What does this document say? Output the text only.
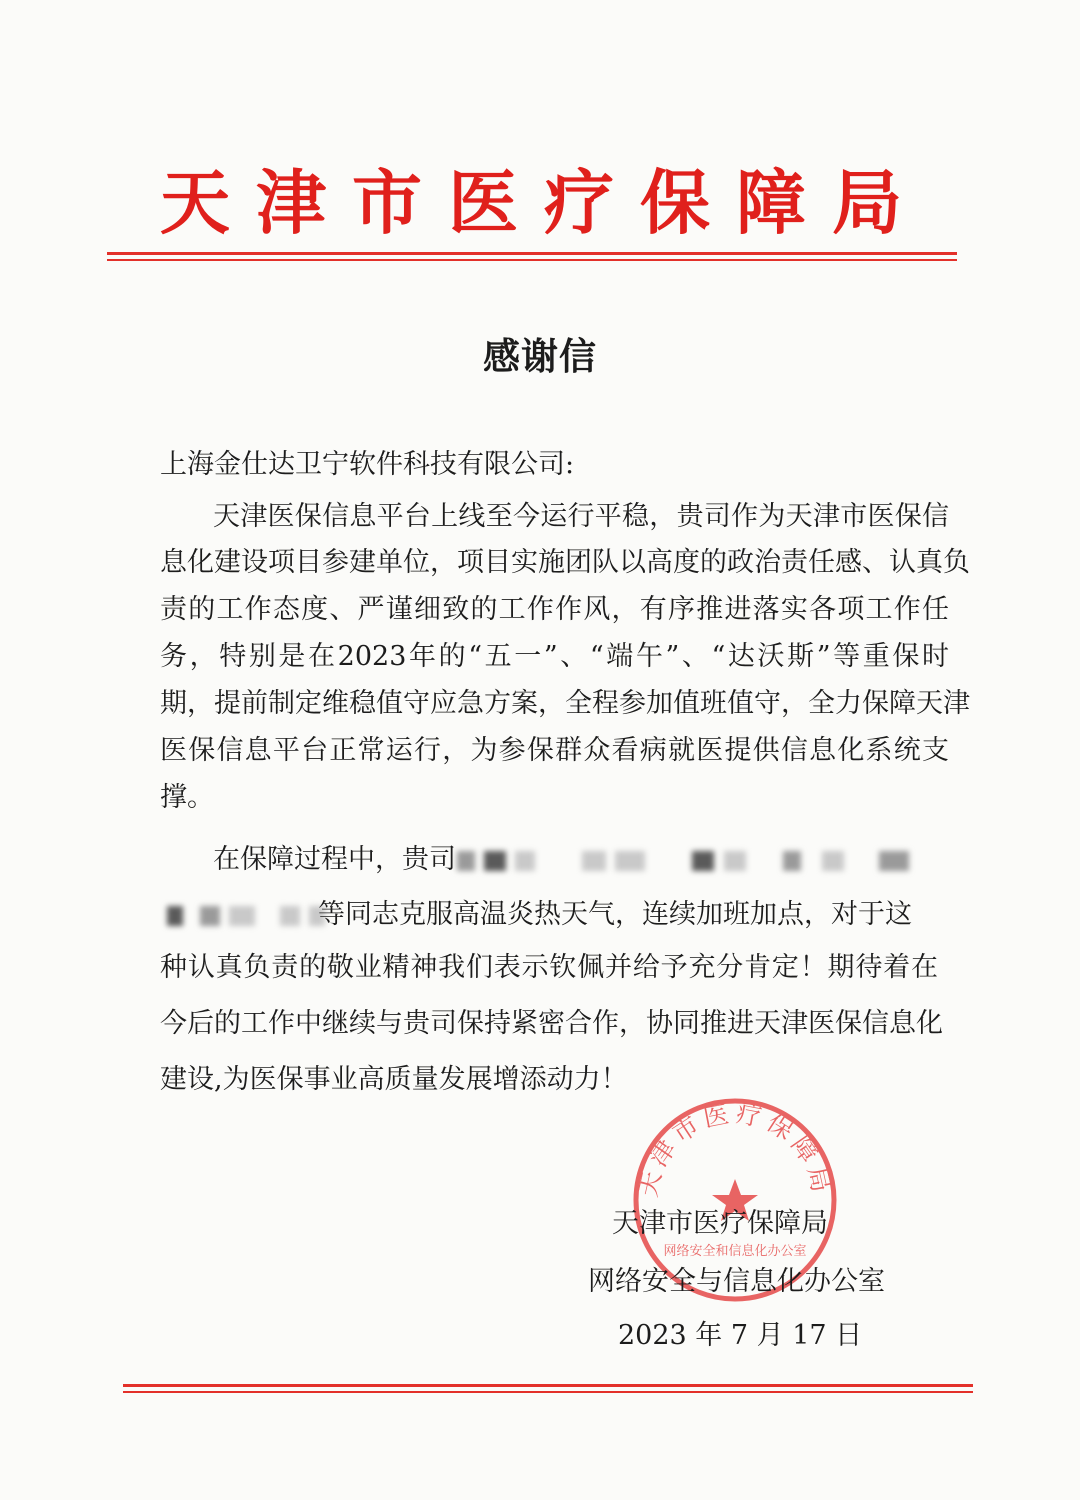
天津市医疗保障局
感谢信
上海金仕达卫宁软件科技有限公司:
天津医保信息平台上线至今运行平稳，贵司作为天津市医保信
息化建设项目参建单位，项目实施团队以高度的政治责任感、认真负
责的工作态度、严谨细致的工作作风，有序推进落实各项工作任
务，特别是在2023年的“五一”、“端午”、“达沃斯”等重保时
期，提前制定维稳值守应急方案，全程参加值班值守，全力保障天津
医保信息平台正常运行，为参保群众看病就医提供信息化系统支
撑。
在保障过程中，贵司

等同志克服高温炎热天气，连续加班加点，对于这
种认真负责的敬业精神我们表示钦佩并给予充分肯定！期待着在
今后的工作中继续与贵司保持紧密合作，协同推进天津医保信息化
建设,为医保事业高质量发展增添动力！
天津市医疗保障局
网络安全和信息化办公室
天津市医疗保障局
网络安全与信息化办公室
2023 年 7 月 17 日
